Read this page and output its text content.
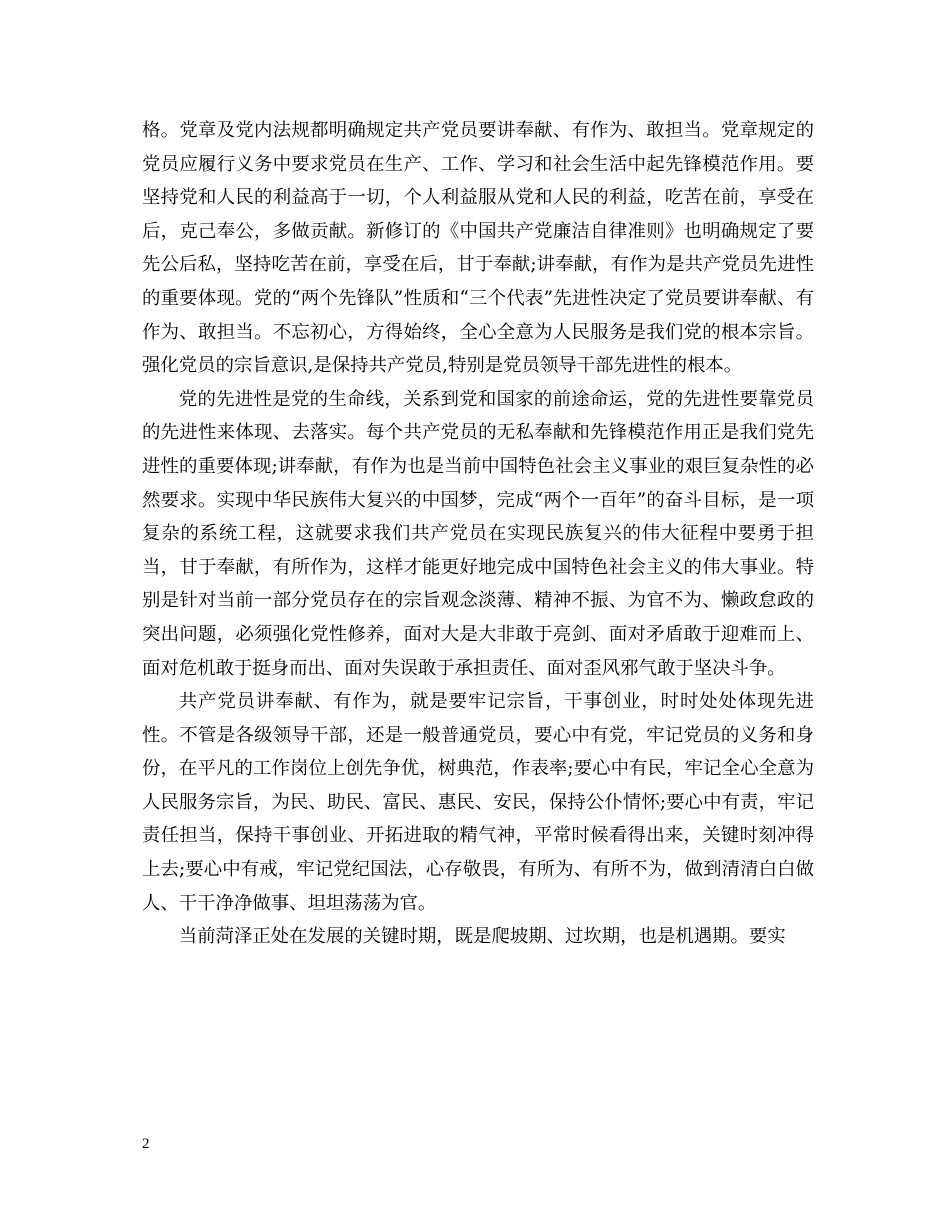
格。党章及党内法规都明确规定共产党员要讲奉献、有作为、敢担当。党章规定的党员应履行义务中要求党员在生产、工作、学习和社会生活中起先锋模范作用。要坚持党和人民的利益高于一切，个人利益服从党和人民的利益，吃苦在前，享受在后，克己奉公，多做贡献。新修订的《中国共产党廉洁自律准则》也明确规定了要先公后私，坚持吃苦在前，享受在后，甘于奉献;讲奉献，有作为是共产党员先进性的重要体现。党的“两个先锋队”性质和“三个代表”先进性决定了党员要讲奉献、有作为、敢担当。不忘初心，方得始终，全心全意为人民服务是我们党的根本宗旨。强化党员的宗旨意识,是保持共产党员,特别是党员领导干部先进性的根本。

党的先进性是党的生命线，关系到党和国家的前途命运，党的先进性要靠党员的先进性来体现、去落实。每个共产党员的无私奉献和先锋模范作用正是我们党先进性的重要体现;讲奉献，有作为也是当前中国特色社会主义事业的艰巨复杂性的必然要求。实现中华民族伟大复兴的中国梦，完成“两个一百年”的奋斗目标，是一项复杂的系统工程，这就要求我们共产党员在实现民族复兴的伟大征程中要勇于担当，甘于奉献，有所作为，这样才能更好地完成中国特色社会主义的伟大事业。特别是针对当前一部分党员存在的宗旨观念淡薄、精神不振、为官不为、懒政怠政的突出问题，必须强化党性修养，面对大是大非敢于亮剑、面对矛盾敢于迎难而上、面对危机敢于挺身而出、面对失误敢于承担责任、面对歪风邪气敢于坚决斗争。

共产党员讲奉献、有作为，就是要牢记宗旨，干事创业，时时处处体现先进性。不管是各级领导干部，还是一般普通党员，要心中有党，牢记党员的义务和身份，在平凡的工作岗位上创先争优，树典范，作表率;要心中有民，牢记全心全意为人民服务宗旨，为民、助民、富民、惠民、安民，保持公仆情怀;要心中有责，牢记责任担当，保持干事创业、开拓进取的精气神，平常时候看得出来，关键时刻冲得上去;要心中有戒，牢记党纪国法，心存敬畏，有所为、有所不为，做到清清白白做人、干干净净做事、坦坦荡荡为官。

当前菏泽正处在发展的关键时期，既是爬坡期、过坎期，也是机遇期。要实

2
